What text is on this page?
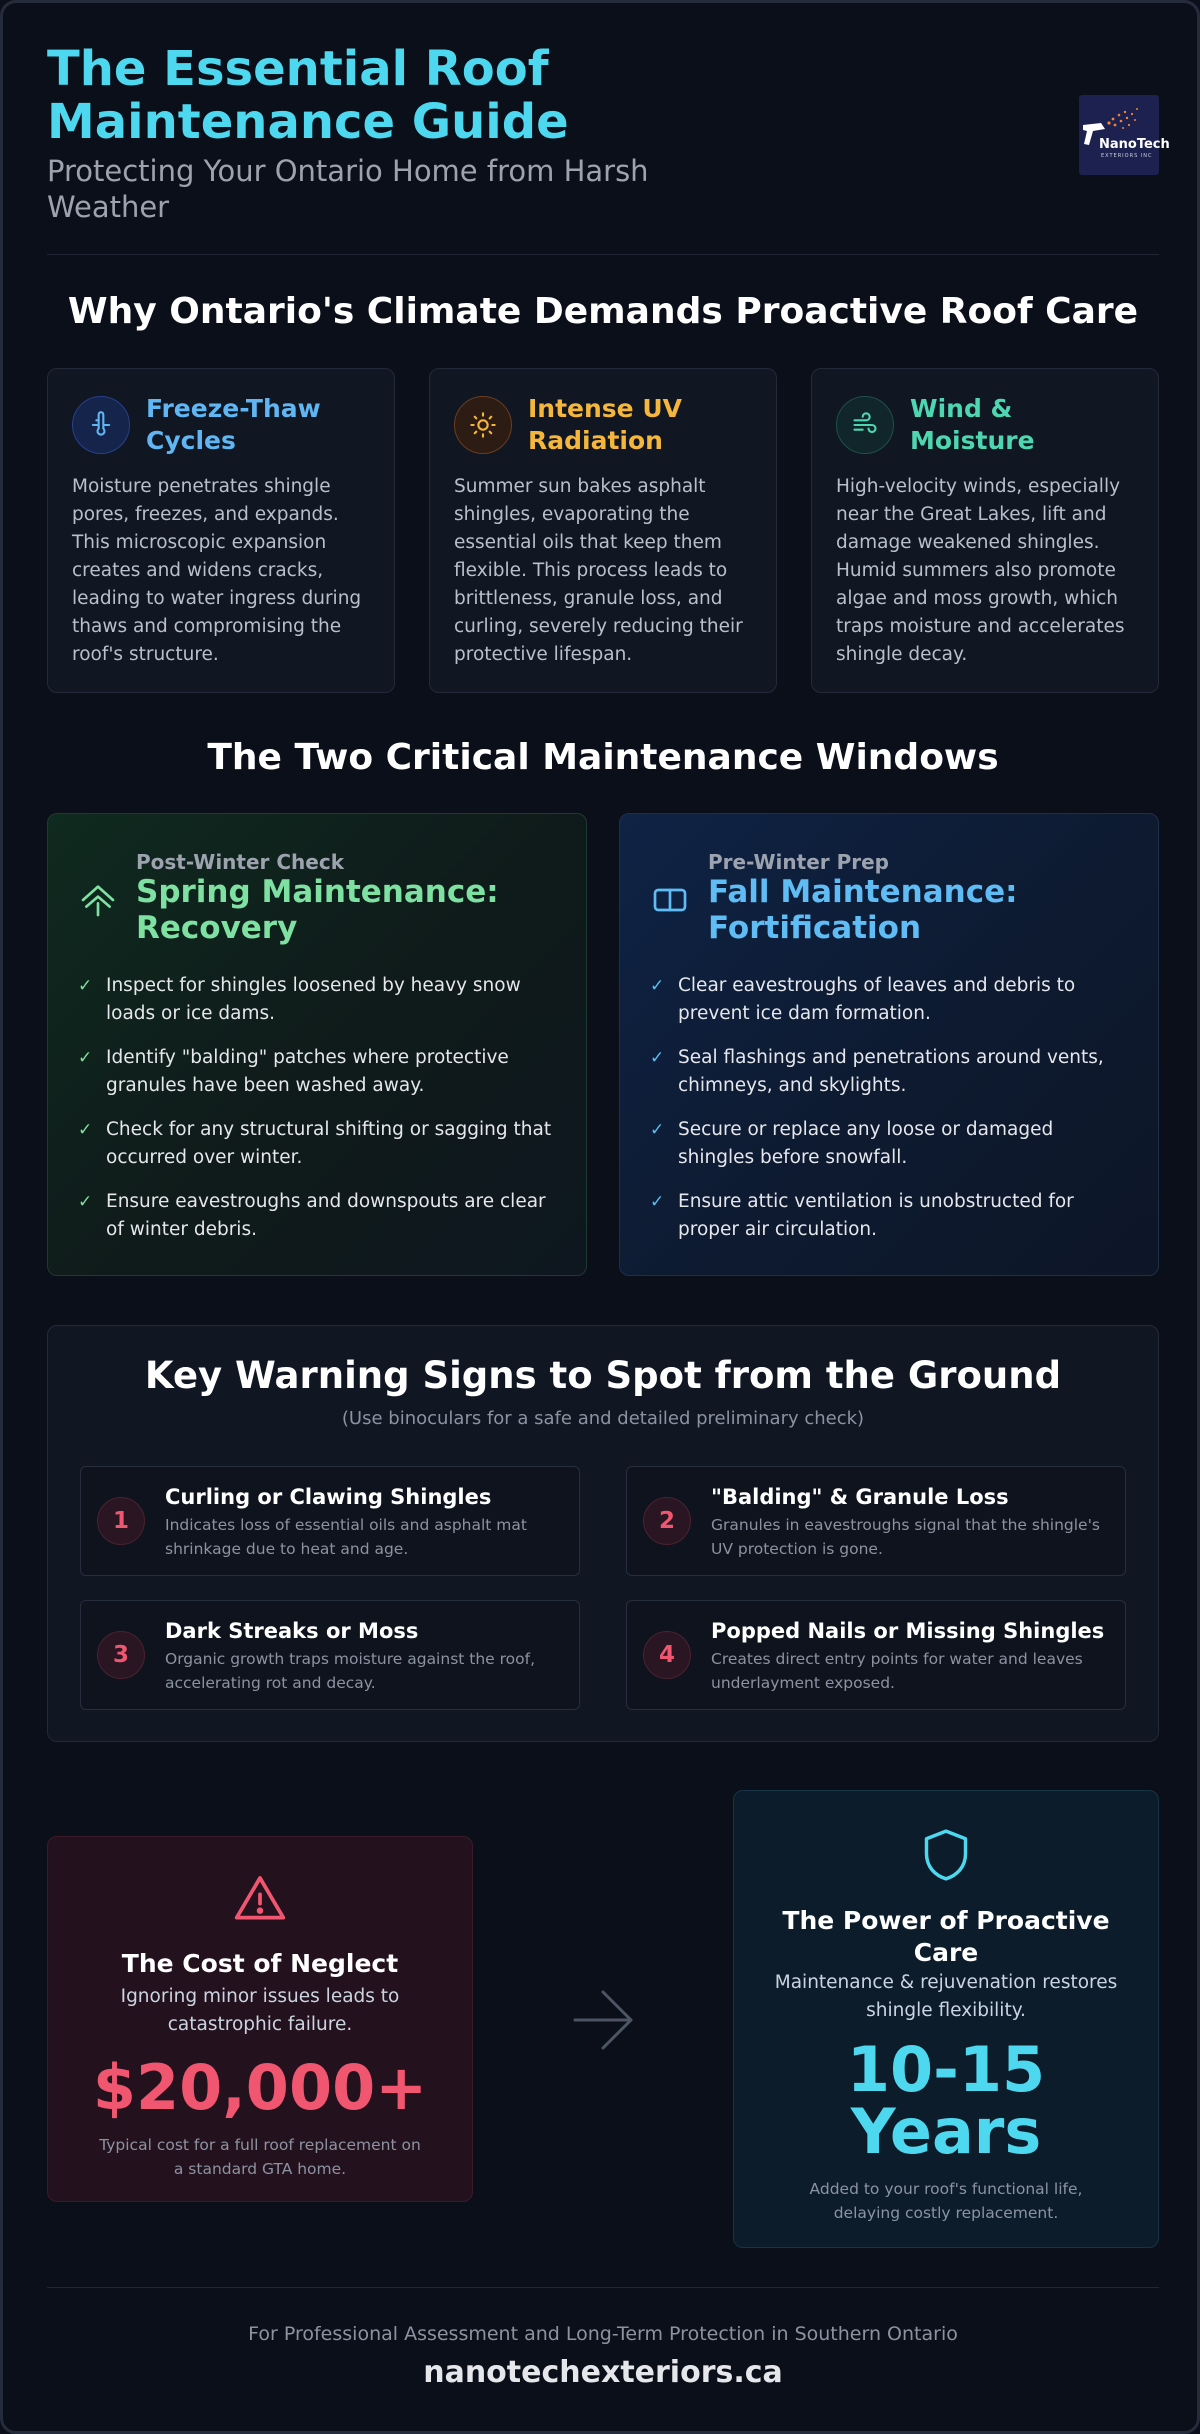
The Essential Roof Maintenance Guide
Protecting Your Ontario Home from Harsh Weather
NanoTech
EXTERIORS INC
Why Ontario's Climate Demands Proactive Roof Care
Freeze-Thaw Cycles

Moisture penetrates shingle pores, freezes, and expands. This microscopic expansion creates and widens cracks, leading to water ingress during thaws and compromising the roof's structure.

Intense UV Radiation

Summer sun bakes asphalt shingles, evaporating the essential oils that keep them flexible. This process leads to brittleness, granule loss, and curling, severely reducing their protective lifespan.

Wind & Moisture

High-velocity winds, especially near the Great Lakes, lift and damage weakened shingles. Humid summers also promote algae and moss growth, which traps moisture and accelerates shingle decay.

The Two Critical Maintenance Windows
Post-Winter Check
Spring Maintenance: Recovery
✓ Inspect for shingles loosened by heavy snow loads or ice dams.
✓ Identify "balding" patches where protective granules have been washed away.
✓ Check for any structural shifting or sagging that occurred over winter.
✓ Ensure eavestroughs and downspouts are clear of winter debris.
Pre-Winter Prep
Fall Maintenance: Fortification
✓ Clear eavestroughs of leaves and debris to prevent ice dam formation.
✓ Seal flashings and penetrations around vents, chimneys, and skylights.
✓ Secure or replace any loose or damaged shingles before snowfall.
✓ Ensure attic ventilation is unobstructed for proper air circulation.
Key Warning Signs to Spot from the Ground
(Use binoculars for a safe and detailed preliminary check)
1
Curling or Clawing Shingles
Indicates loss of essential oils and asphalt mat shrinkage due to heat and age.
2
"Balding" & Granule Loss
Granules in eavestroughs signal that the shingle's UV protection is gone.
3
Dark Streaks or Moss
Organic growth traps moisture against the roof, accelerating rot and decay.
4
Popped Nails or Missing Shingles
Creates direct entry points for water and leaves underlayment exposed.
The Cost of Neglect
Ignoring minor issues leads to catastrophic failure.
$20,000+
Typical cost for a full roof replacement on a standard GTA home.
The Power of Proactive Care
Maintenance & rejuvenation restores shingle flexibility.
10-15
Years
Added to your roof's functional life, delaying costly replacement.
For Professional Assessment and Long-Term Protection in Southern Ontario
nanotechexteriors.ca
